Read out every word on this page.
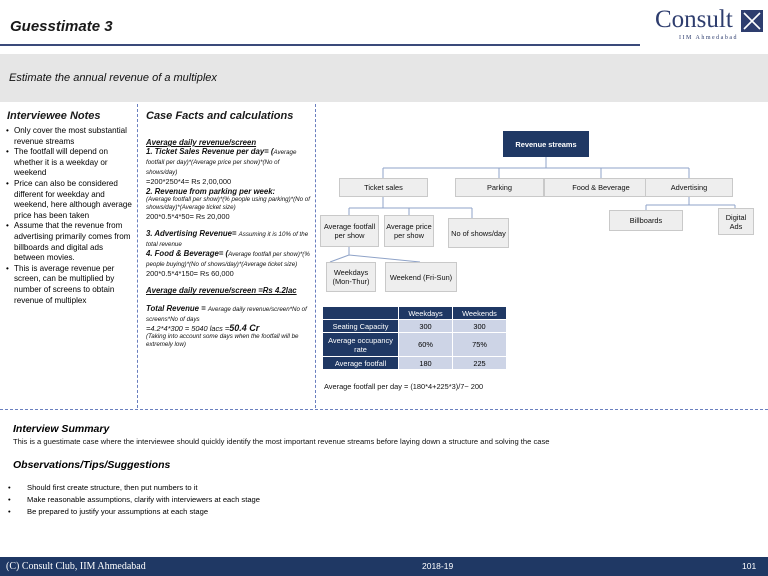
Guesstimate 3	Consult
IIM Ahmedabad
Estimate the annual revenue of a multiplex
Interviewee Notes
• Only cover the most substantial revenue streams
• The footfall will depend on whether it is a weekday or weekend
• Price can also be considered different for weekday and weekend, here although average price has been taken
• Assume that the revenue from advertising primarily comes from billboards and digital ads between movies.
• This is average revenue per screen, can be multiplied by number of screens to obtain revenue of multiplex
Case Facts and calculations

Average daily revenue/screen

1. Ticket Sales Revenue per day= (Average footfall per day)*(Average price per show)*(No of shows/day)

=200*250*4= Rs 2,00,000

2. Revenue from parking per week:

(Average footfall per show)*(% people using parking)*(No of shows/day)*(Average ticket size)

200*0.5*4*50= Rs 20,000

3. Advertising Revenue= Assuming it is 10% of the total revenue

4. Food & Beverage= (Average footfall per show)*(% people buying)*(No of shows/day)*(Average ticket size)

200*0.5*4*150= Rs 60,000

Average daily revenue/screen =Rs 4.2lac

Total Revenue = Average daily revenue/screen*No of screens*No of days

=4.2*4*300 = 5040 lacs =50.4 Cr

(Taking into account some days when the footfall will be extremely low)

Revenue streams
Ticket sales	Parking	Food & Beverage	Advertising
Billboards	Digital Ads
Average footfall per show
Average price per show	No of shows/day
Weekdays (Mon-Thur)	Weekend (Fri-Sun)
	Weekdays	Weekends
Seating Capacity	300	300
Average occupancy rate	60%	75%
Average footfall	180	225
Average footfall per day = (180*4+225*3)/7~ 200
Interview Summary
This is a guestimate case where the interviewee should quickly identify the most important revenue streams before laying down a structure and solving the case
Observations/Tips/Suggestions
• Should first create structure, then put numbers to it
• Make reasonable assumptions, clarify with interviewers at each stage
• Be prepared to justify your assumptions at each stage
(C) Consult Club, IIM Ahmedabad	2018-19	101
